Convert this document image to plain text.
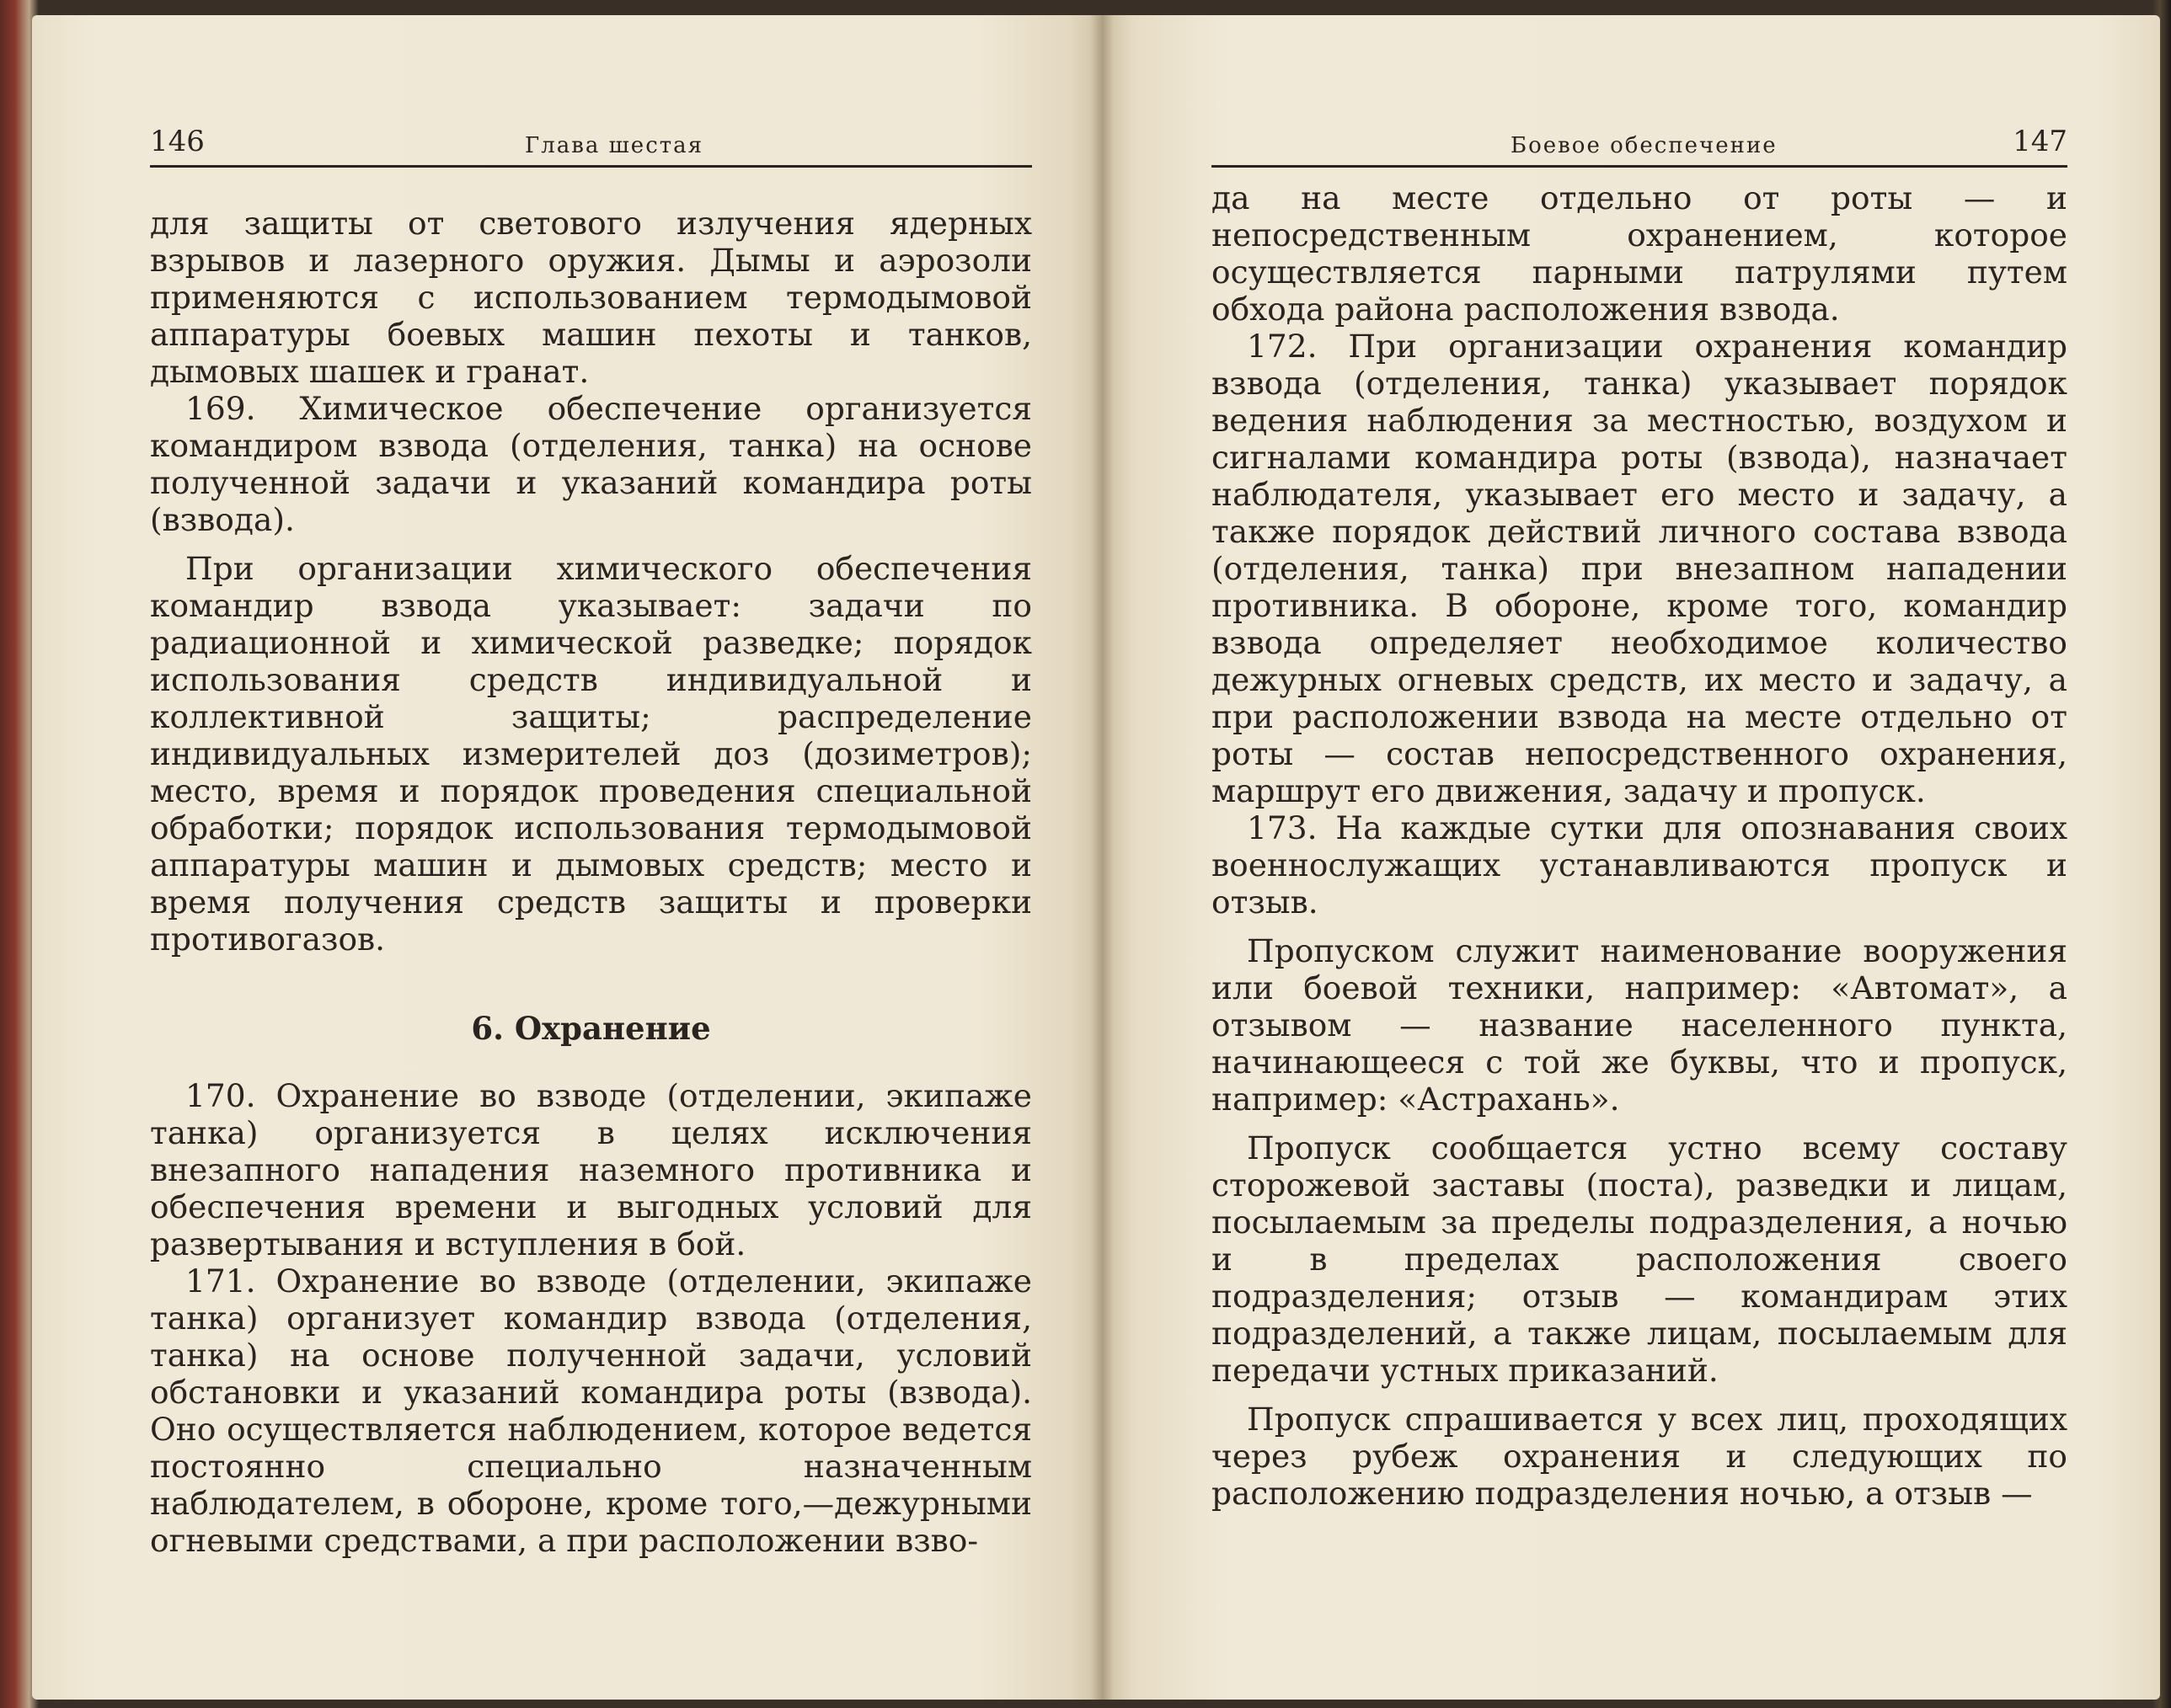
146	Глава шестая

для защиты от светового излучения ядерных взрывов и лазерного оружия. Дымы и аэрозоли применяются с использованием термодымовой аппаратуры боевых машин пехоты и танков, дымовых шашек и гранат.

169. Химическое обеспечение организуется командиром взвода (отделения, танка) на основе полученной задачи и указаний командира роты (взвода).

При организации химического обеспечения командир взвода указывает: задачи по радиационной и химической разведке; порядок использования средств индивидуальной и коллективной защиты; распределение индивидуальных измерителей доз (дозиметров); место, время и порядок проведения специальной обработки; порядок использования термодымовой аппаратуры машин и дымовых средств; место и время получения средств защиты и проверки противогазов.

6. Охранение

170. Охранение во взводе (отделении, экипаже танка) организуется в целях исключения внезапного нападения наземного противника и обеспечения времени и выгодных условий для развертывания и вступления в бой.

171. Охранение во взводе (отделении, экипаже танка) организует командир взвода (отделения, танка) на основе полученной задачи, условий обстановки и указаний командира роты (взвода). Оно осуществляется наблюдением, которое ведется постоянно специально назначенным наблюдателем, в обороне, кроме того,—дежурными огневыми средствами, а при расположении взво-

Боевое обеспечение	147

да на месте отдельно от роты — и непосредственным охранением, которое осуществляется парными патрулями путем обхода района расположения взвода.

172. При организации охранения командир взвода (отделения, танка) указывает порядок ведения наблюдения за местностью, воздухом и сигналами командира роты (взвода), назначает наблюдателя, указывает его место и задачу, а также порядок действий личного состава взвода (отделения, танка) при внезапном нападении противника. В обороне, кроме того, командир взвода определяет необходимое количество дежурных огневых средств, их место и задачу, а при расположении взвода на месте отдельно от роты — состав непосредственного охранения, маршрут его движения, задачу и пропуск.

173. На каждые сутки для опознавания своих военнослужащих устанавливаются пропуск и отзыв.

Пропуском служит наименование вооружения или боевой техники, например: «Автомат», а отзывом — название населенного пункта, начинающееся с той же буквы, что и пропуск, например: «Астрахань».

Пропуск сообщается устно всему составу сторожевой заставы (поста), разведки и лицам, посылаемым за пределы подразделения, а ночью и в пределах расположения своего подразделения; отзыв — командирам этих подразделений, а также лицам, посылаемым для передачи устных приказаний.

Пропуск спрашивается у всех лиц, проходящих через рубеж охранения и следующих по расположению подразделения ночью, а отзыв —
